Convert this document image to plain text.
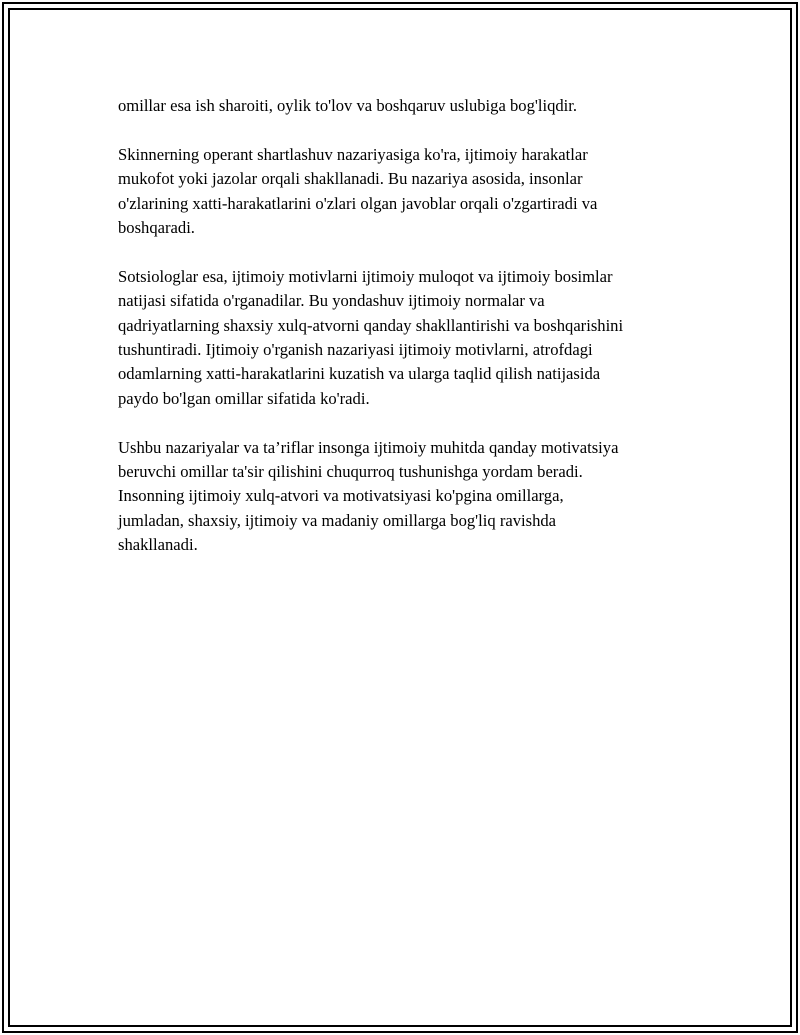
omillar esa ish sharoiti, oylik to'lov va boshqaruv uslubiga bog'liqdir.

Skinnerning operant shartlashuv nazariyasiga ko'ra, ijtimoiy harakatlar
mukofot yoki jazolar orqali shakllanadi. Bu nazariya asosida, insonlar
o'zlarining xatti-harakatlarini o'zlari olgan javoblar orqali o'zgartiradi va
boshqaradi.

Sotsiologlar esa, ijtimoiy motivlarni ijtimoiy muloqot va ijtimoiy bosimlar
natijasi sifatida o'rganadilar. Bu yondashuv ijtimoiy normalar va
qadriyatlarning shaxsiy xulq-atvorni qanday shakllantirishi va boshqarishini
tushuntiradi. Ijtimoiy o'rganish nazariyasi ijtimoiy motivlarni, atrofdagi
odamlarning xatti-harakatlarini kuzatish va ularga taqlid qilish natijasida
paydo bo'lgan omillar sifatida ko'radi.

Ushbu nazariyalar va ta’riflar insonga ijtimoiy muhitda qanday motivatsiya
beruvchi omillar ta'sir qilishini chuqurroq tushunishga yordam beradi.
Insonning ijtimoiy xulq-atvori va motivatsiyasi ko'pgina omillarga,
jumladan, shaxsiy, ijtimoiy va madaniy omillarga bog'liq ravishda
shakllanadi.
